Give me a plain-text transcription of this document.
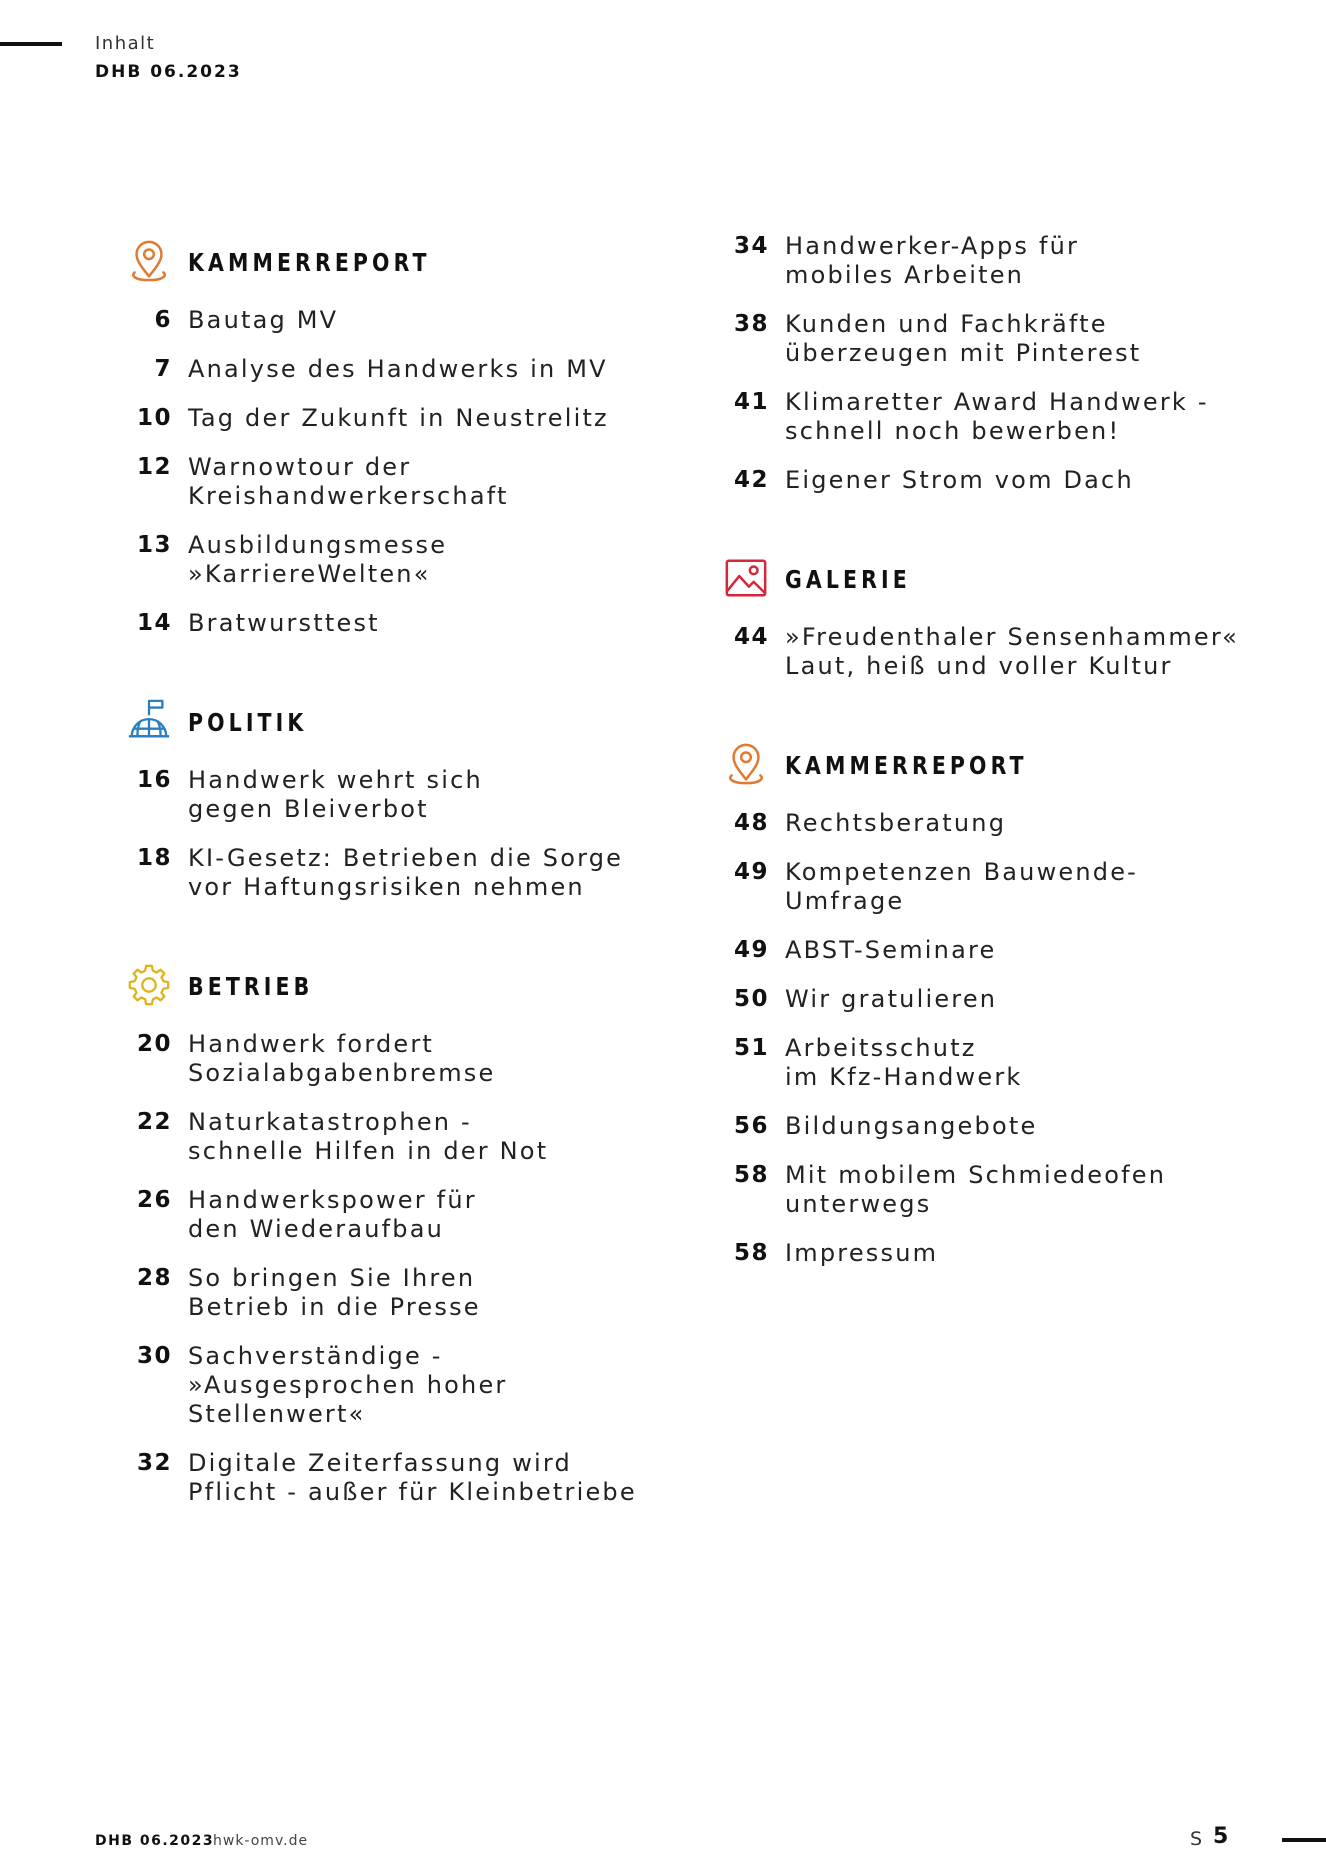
Inhalt
DHB 06.2023
KAMMERREPORT
6 Bautag MV
7 Analyse des Handwerks in MV
10 Tag der Zukunft in Neustrelitz
12 Warnowtour der
Kreishandwerkerschaft
13 Ausbildungsmesse
»KarriereWelten«
14 Bratwursttest
POLITIK
16 Handwerk wehrt sich
gegen Bleiverbot
18 KI-Gesetz: Betrieben die Sorge
vor Haftungsrisiken nehmen
BETRIEB
20 Handwerk fordert
Sozialabgabenbremse
22 Naturkatastrophen -
schnelle Hilfen in der Not
26 Handwerkspower für
den Wiederaufbau
28 So bringen Sie Ihren
Betrieb in die Presse
30 Sachverständige -
»Ausgesprochen hoher
Stellenwert«
32 Digitale Zeiterfassung wird
Pflicht - außer für Kleinbetriebe
34 Handwerker-Apps für
mobiles Arbeiten
38 Kunden und Fachkräfte
überzeugen mit Pinterest
41 Klimaretter Award Handwerk -
schnell noch bewerben!
42 Eigener Strom vom Dach
GALERIE
44 »Freudenthaler Sensenhammer«
Laut, heiß und voller Kultur
KAMMERREPORT
48 Rechtsberatung
49 Kompetenzen Bauwende-
Umfrage
49 ABST-Seminare
50 Wir gratulieren
51 Arbeitsschutz
im Kfz-Handwerk
56 Bildungsangebote
58 Mit mobilem Schmiedeofen
unterwegs
58 Impressum
DHB 06.2023
hwk-omv.de	S 5
